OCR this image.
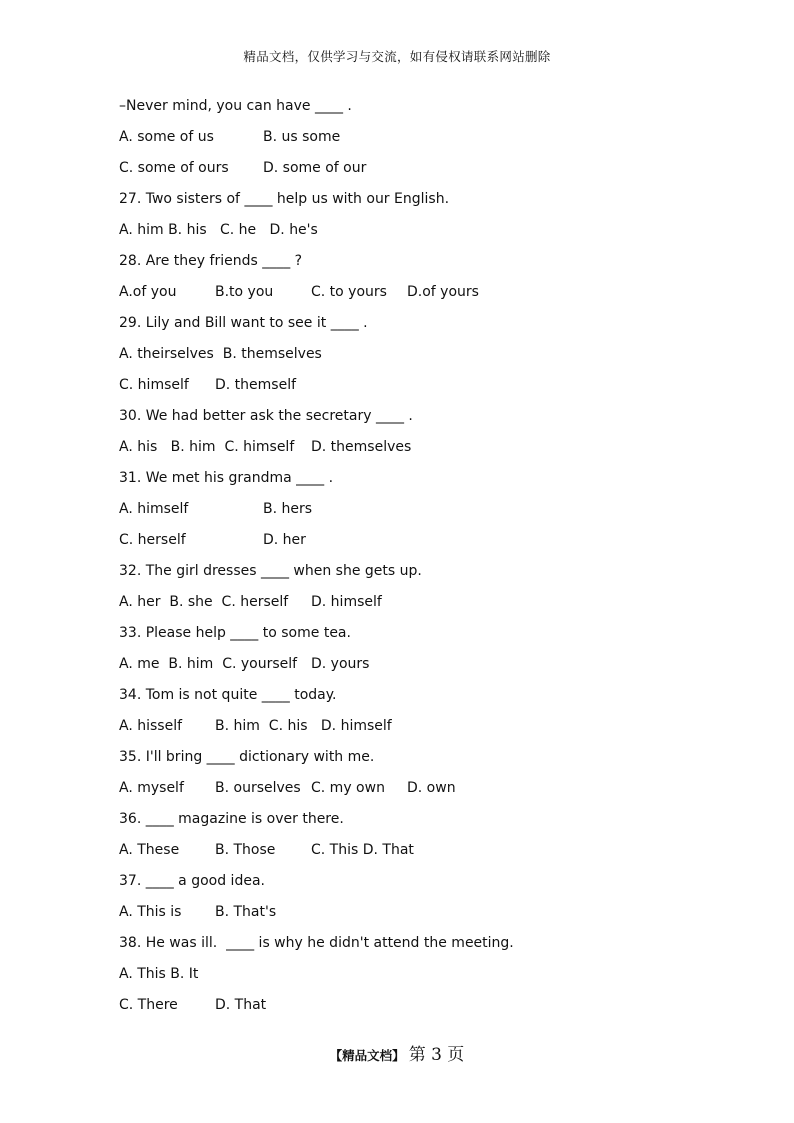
精品文档，仅供学习与交流，如有侵权请联系网站删除
–Never mind, you can have ____ .
A. some of us	B. us some
C. some of ours D. some of our
27. Two sisters of ____ help us with our English.
A. him B. his   C. he   D. he's
28. Are they friends ____ ?
A.of you	B.to you	C. to yours D.of yours
29. Lily and Bill want to see it ____ .
A. theirselves  B. themselves
C. himself D. themself
30. We had better ask the secretary ____ .
A. his   B. him  C. himself D. themselves
31. We met his grandma ____ .
A. himself	B. hers
C. herself	D. her
32. The girl dresses ____ when she gets up.
A. her  B. she  C. herself D. himself
33. Please help ____ to some tea.
A. me  B. him  C. yourself D. yours
34. Tom is not quite ____ today.
A. hisself B. him  C. his   D. himself
35. I'll bring ____ dictionary with me.
A. myself B. ourselves C. my own D. own
36. ____ magazine is over there.
A. These	B. Those	C. This D. That
37. ____ a good idea.
A. This is B. That's
38. He was ill.  ____ is why he didn't attend the meeting.
A. This B. It
C. There	D. That
【精品文档】 第 3 页
